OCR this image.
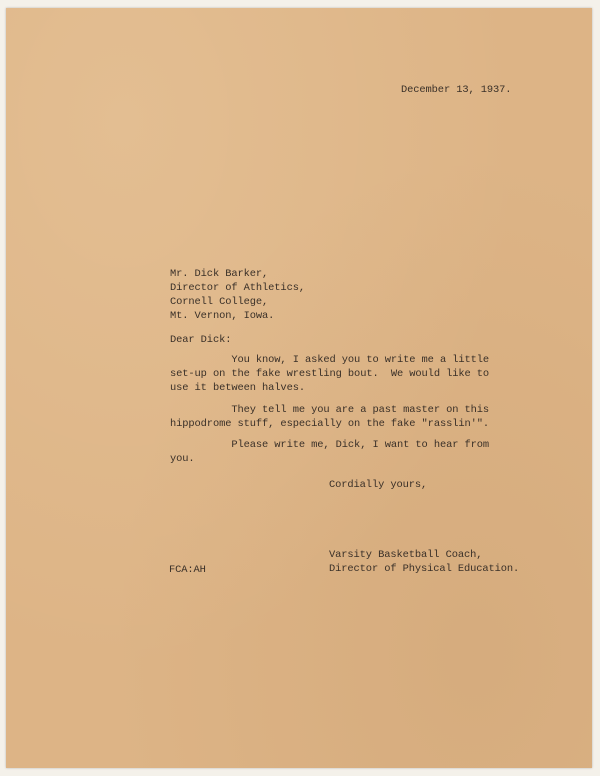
December 13, 1937.
Mr. Dick Barker,
Director of Athletics,
Cornell College,
Mt. Vernon, Iowa.
Dear Dick:
You know, I asked you to write me a little
set-up on the fake wrestling bout.  We would like to
use it between halves.
They tell me you are a past master on this
hippodrome stuff, especially on the fake "rasslin'".
Please write me, Dick, I want to hear from
you.
Cordially yours,
Varsity Basketball Coach,
Director of Physical Education.
FCA:AH
